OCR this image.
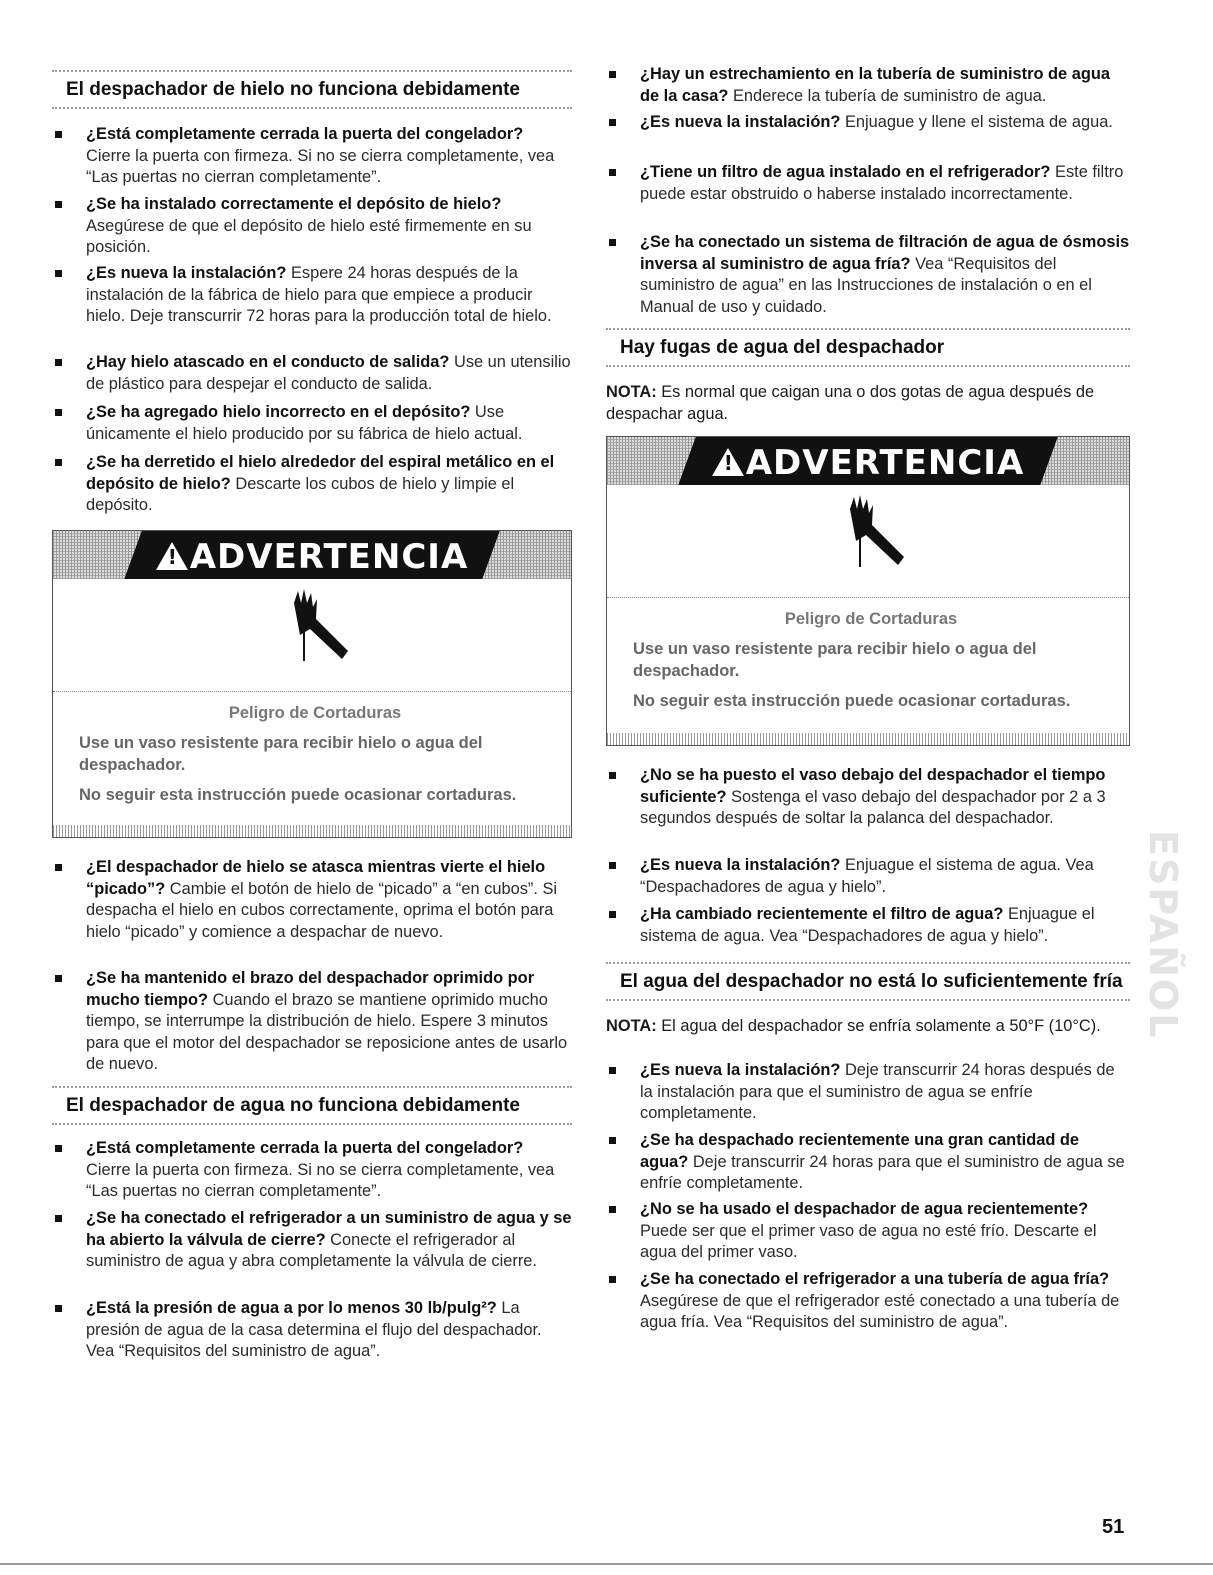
El despachador de hielo no funciona debidamente
¿Está completamente cerrada la puerta del congelador? Cierre la puerta con firmeza. Si no se cierra completamente, vea “Las puertas no cierran completamente”.
¿Se ha instalado correctamente el depósito de hielo? Asegúrese de que el depósito de hielo esté firmemente en su posición.
¿Es nueva la instalación? Espere 24 horas después de la instalación de la fábrica de hielo para que empiece a producir hielo. Deje transcurrir 72 horas para la producción total de hielo.
¿Hay hielo atascado en el conducto de salida? Use un utensilio de plástico para despejar el conducto de salida.
¿Se ha agregado hielo incorrecto en el depósito? Use únicamente el hielo producido por su fábrica de hielo actual.
¿Se ha derretido el hielo alrededor del espiral metálico en el depósito de hielo? Descarte los cubos de hielo y limpie el depósito.
!ADVERTENCIA
Peligro de Cortaduras

Use un vaso resistente para recibir hielo o agua del despachador.

No seguir esta instrucción puede ocasionar cortaduras.

¿El despachador de hielo se atasca mientras vierte el hielo “picado”? Cambie el botón de hielo de “picado” a “en cubos”. Si despacha el hielo en cubos correctamente, oprima el botón para hielo “picado” y comience a despachar de nuevo.
¿Se ha mantenido el brazo del despachador oprimido por mucho tiempo? Cuando el brazo se mantiene oprimido mucho tiempo, se interrumpe la distribución de hielo. Espere 3 minutos para que el motor del despachador se reposicione antes de usarlo de nuevo.
El despachador de agua no funciona debidamente
¿Está completamente cerrada la puerta del congelador? Cierre la puerta con firmeza. Si no se cierra completamente, vea “Las puertas no cierran completamente”.
¿Se ha conectado el refrigerador a un suministro de agua y se ha abierto la válvula de cierre? Conecte el refrigerador al suministro de agua y abra completamente la válvula de cierre.
¿Está la presión de agua a por lo menos 30 lb/pulg²? La presión de agua de la casa determina el flujo del despachador. Vea “Requisitos del suministro de agua”.
¿Hay un estrechamiento en la tubería de suministro de agua de la casa? Enderece la tubería de suministro de agua.
¿Es nueva la instalación? Enjuague y llene el sistema de agua.
¿Tiene un filtro de agua instalado en el refrigerador? Este filtro puede estar obstruido o haberse instalado incorrectamente.
¿Se ha conectado un sistema de filtración de agua de ósmosis inversa al suministro de agua fría? Vea “Requisitos del suministro de agua” en las Instrucciones de instalación o en el Manual de uso y cuidado.
Hay fugas de agua del despachador
NOTA: Es normal que caigan una o dos gotas de agua después de despachar agua.
!ADVERTENCIA
Peligro de Cortaduras

Use un vaso resistente para recibir hielo o agua del despachador.

No seguir esta instrucción puede ocasionar cortaduras.

¿No se ha puesto el vaso debajo del despachador el tiempo suficiente? Sostenga el vaso debajo del despachador por 2 a 3 segundos después de soltar la palanca del despachador.
¿Es nueva la instalación? Enjuague el sistema de agua. Vea “Despachadores de agua y hielo”.
¿Ha cambiado recientemente el filtro de agua? Enjuague el sistema de agua. Vea “Despachadores de agua y hielo”.
El agua del despachador no está lo suficientemente fría
NOTA: El agua del despachador se enfría solamente a 50°F (10°C).
¿Es nueva la instalación? Deje transcurrir 24 horas después de la instalación para que el suministro de agua se enfríe completamente.
¿Se ha despachado recientemente una gran cantidad de agua? Deje transcurrir 24 horas para que el suministro de agua se enfríe completamente.
¿No se ha usado el despachador de agua recientemente? Puede ser que el primer vaso de agua no esté frío. Descarte el agua del primer vaso.
¿Se ha conectado el refrigerador a una tubería de agua fría? Asegúrese de que el refrigerador esté conectado a una tubería de agua fría. Vea “Requisitos del suministro de agua”.
ESPAÑOL
51
